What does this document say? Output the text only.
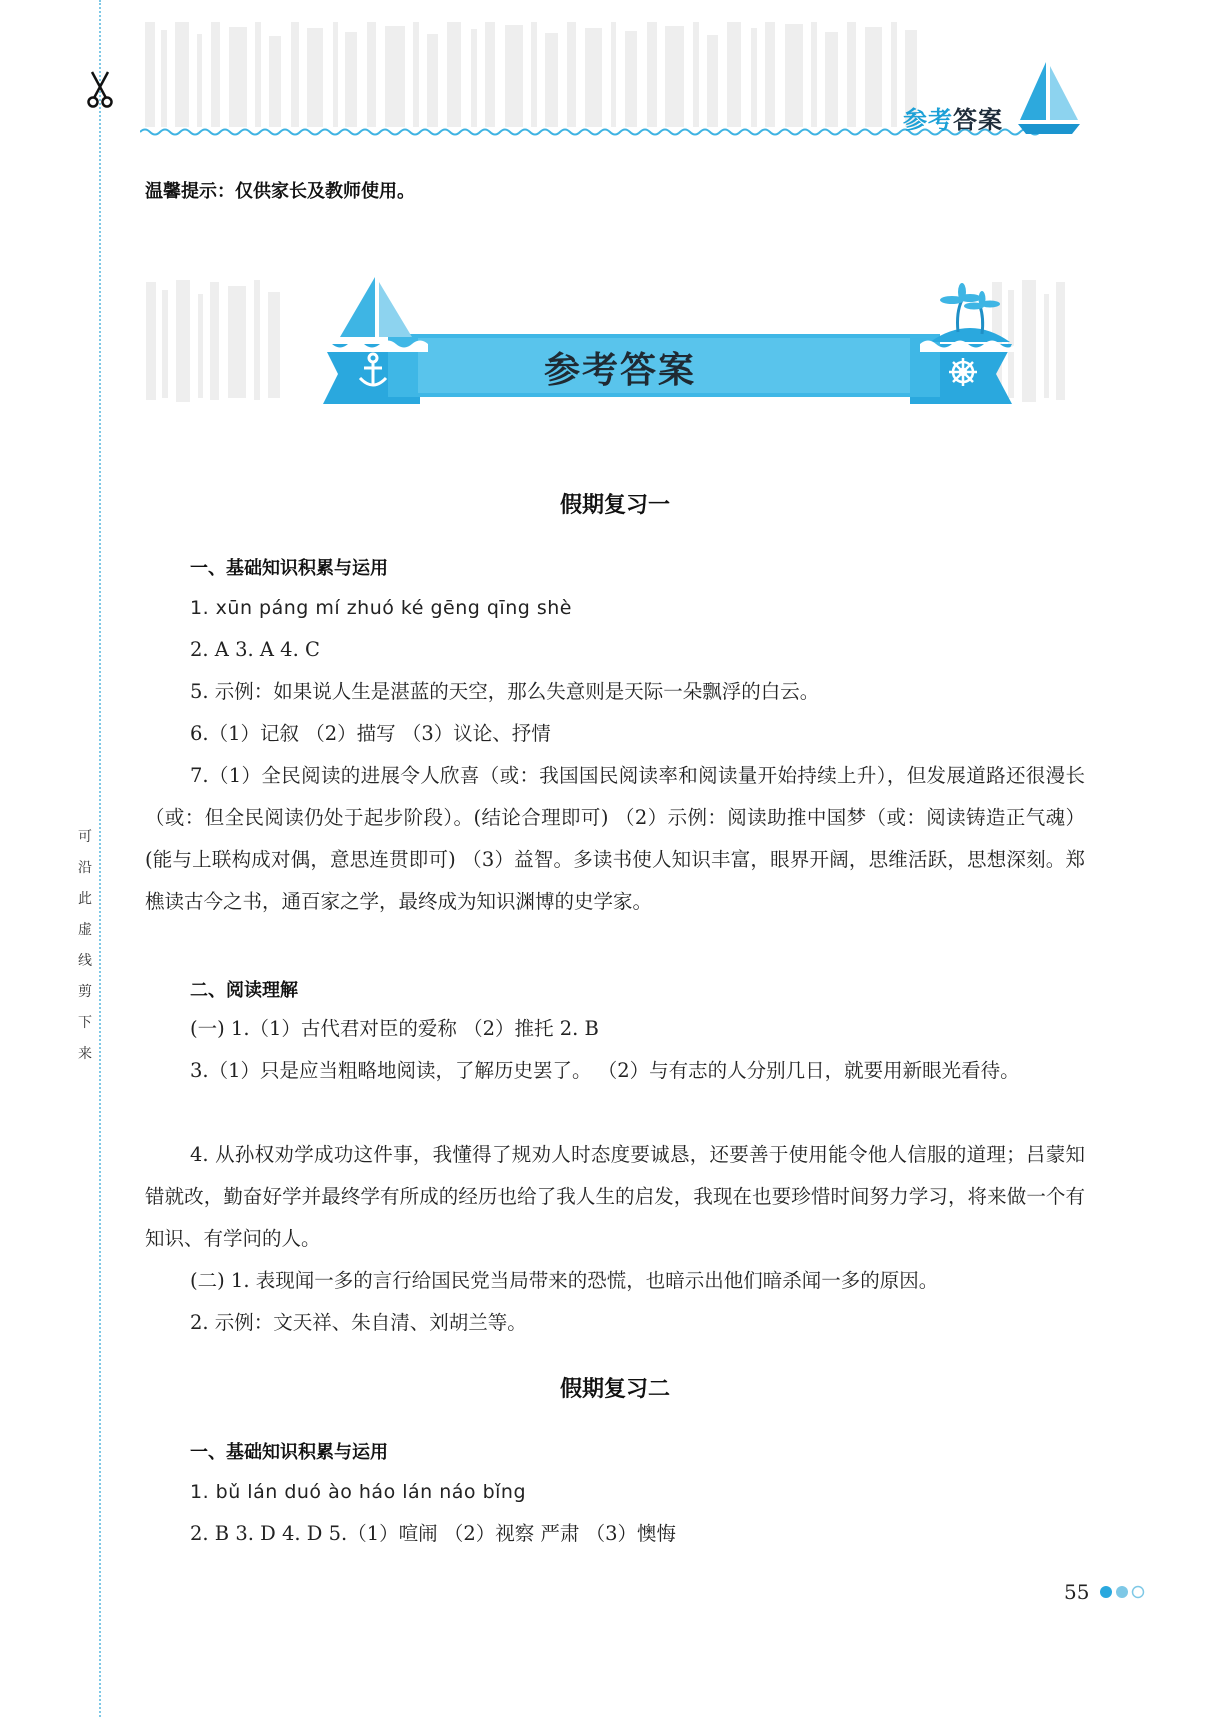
可
沿
此
虚
线
剪
下
来
参考答案
温馨提示：仅供家长及教师使用。
参考答案
假期复习一
一、基础知识积累与运用
1. xūn páng mí zhuó ké gēng qīng shè
2. A 3. A 4. C
5. 示例：如果说人生是湛蓝的天空，那么失意则是天际一朵飘浮的白云。
6.（1）记叙 （2）描写 （3）议论、抒情
7.（1）全民阅读的进展令人欣喜（或：我国国民阅读率和阅读量开始持续上升），但发展道路还很漫长（或：但全民阅读仍处于起步阶段）。(结论合理即可) （2）示例：阅读助推中国梦（或：阅读铸造正气魂）(能与上联构成对偶，意思连贯即可) （3）益智。多读书使人知识丰富，眼界开阔，思维活跃，思想深刻。郑樵读古今之书，通百家之学，最终成为知识渊博的史学家。
二、阅读理解
(一) 1.（1）古代君对臣的爱称 （2）推托 2. B
3.（1）只是应当粗略地阅读，了解历史罢了。 （2）与有志的人分别几日，就要用新眼光看待。
4. 从孙权劝学成功这件事，我懂得了规劝人时态度要诚恳，还要善于使用能令他人信服的道理；吕蒙知错就改，勤奋好学并最终学有所成的经历也给了我人生的启发，我现在也要珍惜时间努力学习，将来做一个有知识、有学问的人。
(二) 1. 表现闻一多的言行给国民党当局带来的恐慌，也暗示出他们暗杀闻一多的原因。
2. 示例：文天祥、朱自清、刘胡兰等。
假期复习二
一、基础知识积累与运用
1. bǔ lán duó ào háo lán náo bǐng
2. B 3. D 4. D 5.（1）喧闹 （2）视察 严肃 （3）懊悔
55
